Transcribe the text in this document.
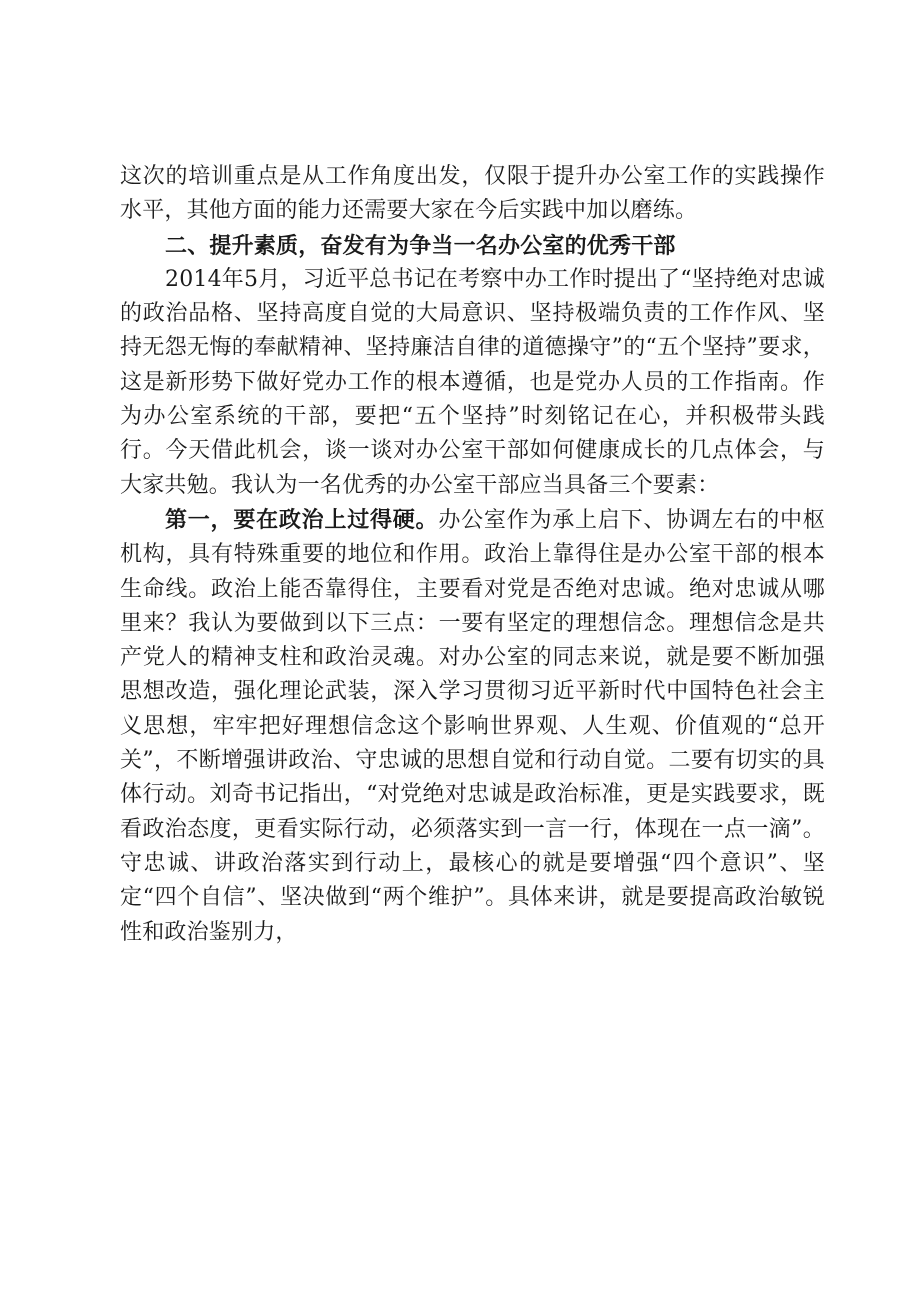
这次的培训重点是从工作角度出发，仅限于提升办公室工作的实践操作水平，其他方面的能力还需要大家在今后实践中加以磨练。

二、提升素质，奋发有为争当一名办公室的优秀干部

2014年5月，习近平总书记在考察中办工作时提出了“坚持绝对忠诚的政治品格、坚持高度自觉的大局意识、坚持极端负责的工作作风、坚持无怨无悔的奉献精神、坚持廉洁自律的道德操守”的“五个坚持”要求，这是新形势下做好党办工作的根本遵循，也是党办人员的工作指南。作为办公室系统的干部，要把“五个坚持”时刻铭记在心，并积极带头践行。今天借此机会，谈一谈对办公室干部如何健康成长的几点体会，与大家共勉。我认为一名优秀的办公室干部应当具备三个要素：

第一，要在政治上过得硬。办公室作为承上启下、协调左右的中枢机构，具有特殊重要的地位和作用。政治上靠得住是办公室干部的根本生命线。政治上能否靠得住，主要看对党是否绝对忠诚。绝对忠诚从哪里来？我认为要做到以下三点：一要有坚定的理想信念。理想信念是共产党人的精神支柱和政治灵魂。对办公室的同志来说，就是要不断加强思想改造，强化理论武装，深入学习贯彻习近平新时代中国特色社会主义思想，牢牢把好理想信念这个影响世界观、人生观、价值观的“总开关”，不断增强讲政治、守忠诚的思想自觉和行动自觉。二要有切实的具体行动。刘奇书记指出，“对党绝对忠诚是政治标准，更是实践要求，既看政治态度，更看实际行动，必须落实到一言一行，体现在一点一滴”。守忠诚、讲政治落实到行动上，最核心的就是要增强“四个意识”、坚定“四个自信”、坚决做到“两个维护”。具体来讲，就是要提高政治敏锐性和政治鉴别力，
